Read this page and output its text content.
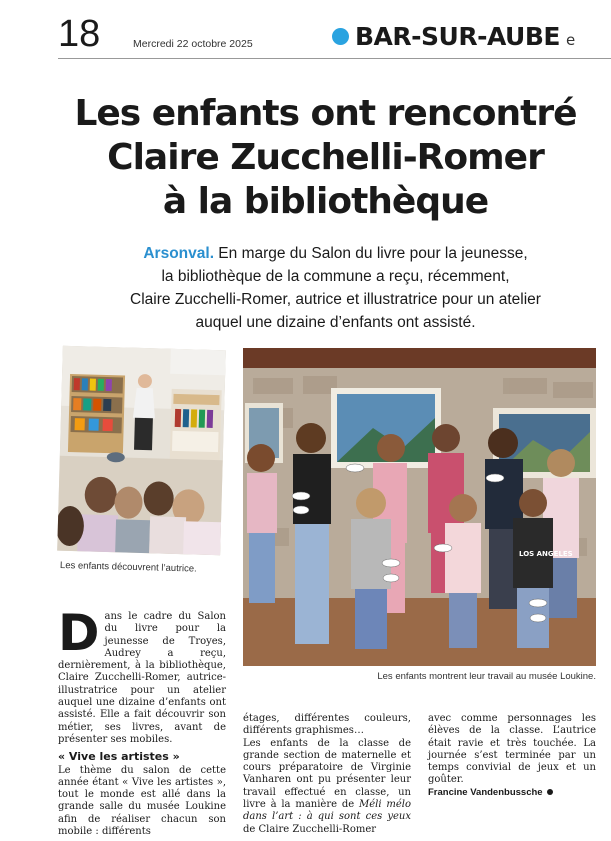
18	Mercredi 22 octobre 2025	BAR-SUR-AUBE e
Les enfants ont rencontré
Claire Zucchelli-Romer
à la bibliothèque
Arsonval. En marge du Salon du livre pour la jeunesse,
la bibliothèque de la commune a reçu, récemment,
Claire Zucchelli-Romer, autrice et illustratrice pour un atelier
auquel une dizaine d’enfants ont assisté.
Les enfants découvrent l’autrice.
LOS ANGELES
Les enfants montrent leur travail au musée Loukine.

Dans le cadre du Salon du livre pour la jeunesse de Troyes, Audrey a reçu, dernièrement, à la bibliothèque, Claire Zucchelli-Romer, autrice-illustratrice pour un atelier auquel une dizaine d’enfants ont assisté. Elle a fait découvrir son métier, ses livres, avant de présenter ses mobiles.

« Vive les artistes »

Le thème du salon de cette année étant « Vive les artistes », tout le monde est allé dans la grande salle du musée Loukine afin de réaliser chacun son mobile : différents

étages, différentes couleurs, différents graphismes…

Les enfants de la classe de grande section de maternelle et cours préparatoire de Virginie Vanharen ont pu présenter leur travail effectué en classe, un livre à la manière de Méli mélo dans l’art : à qui sont ces yeux de Claire Zucchelli-Romer

avec comme personnages les élèves de la classe. L’autrice était ravie et très touchée. La journée s’est terminée par un temps convivial de jeux et un goûter.

Francine Vandenbussche
